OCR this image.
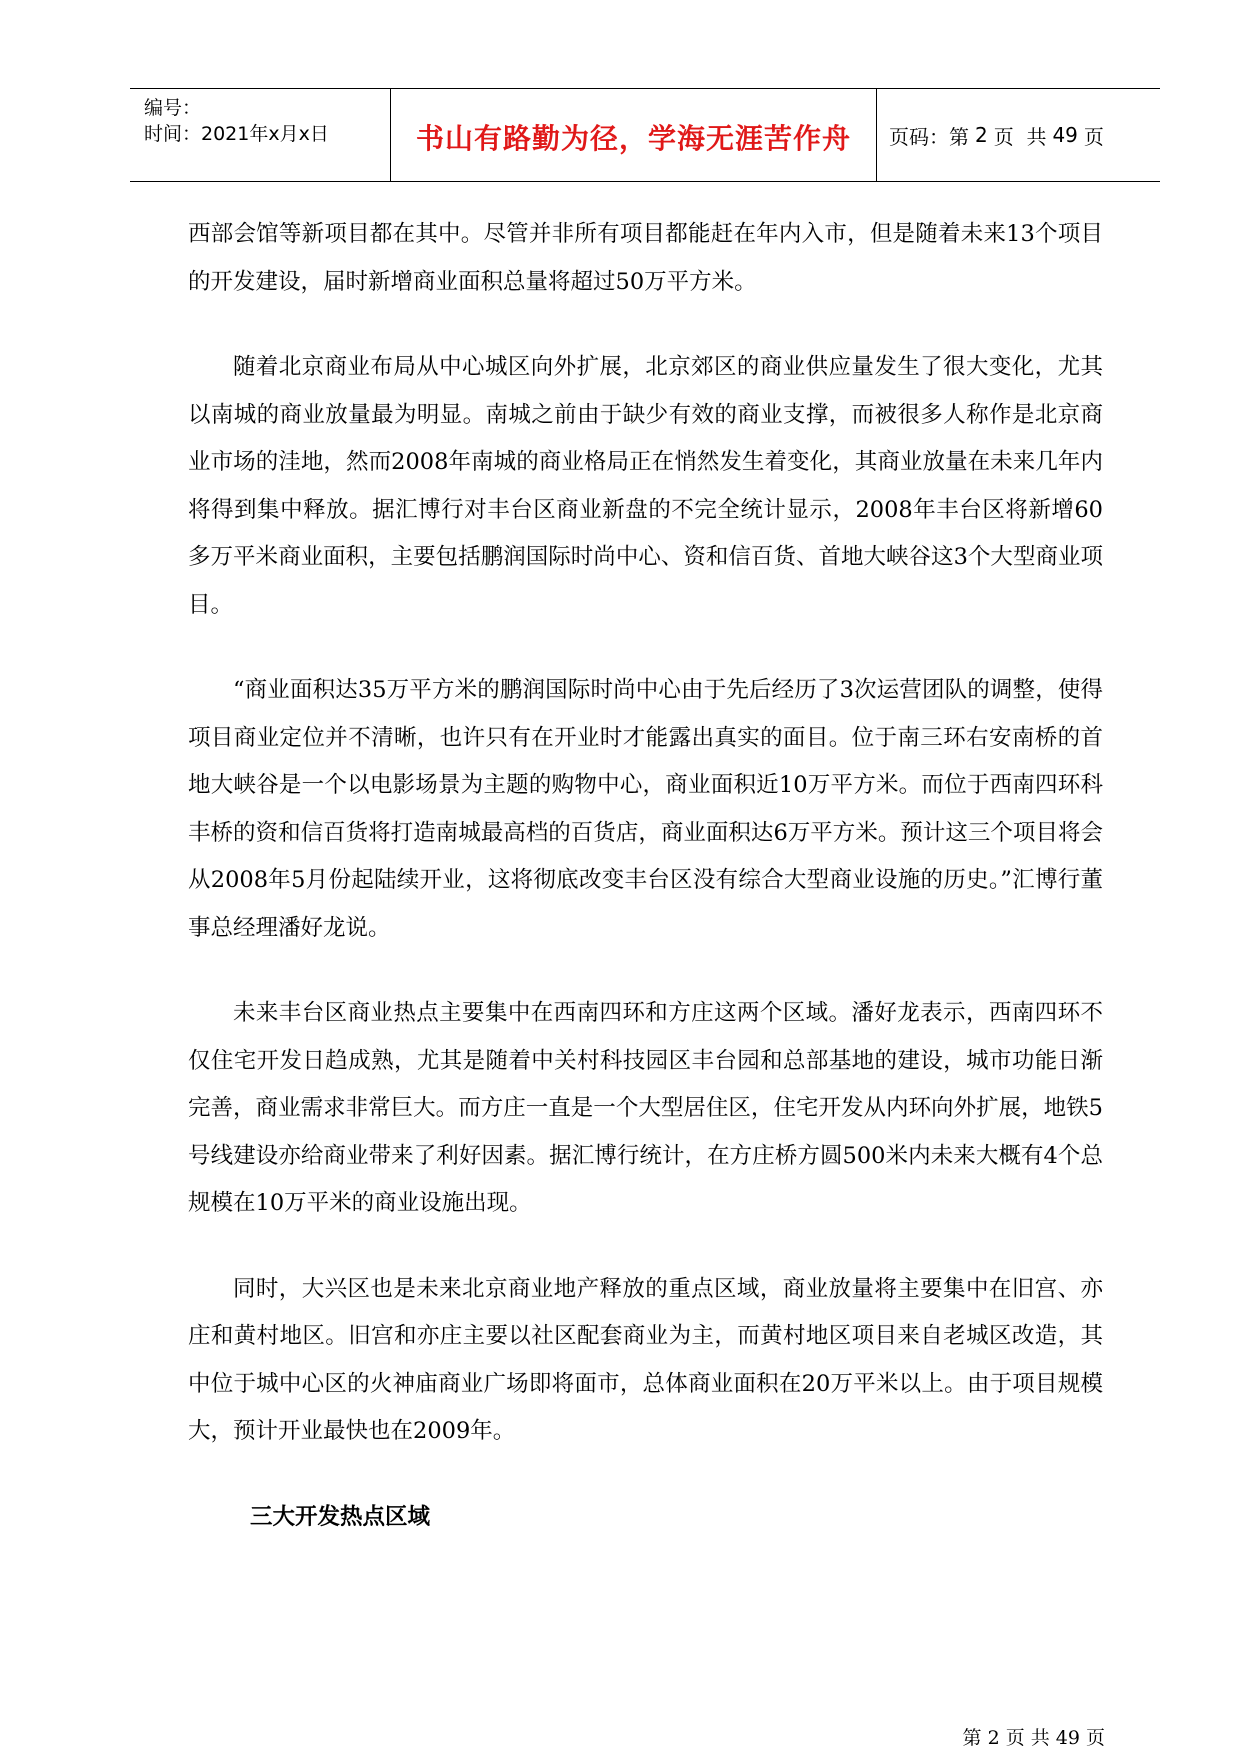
编号：
时间：2021年x月x日	书山有路勤为径，学海无涯苦作舟 页码：第 2 页  共 49 页

西部会馆等新项目都在其中。尽管并非所有项目都能赶在年内入市，但是随着未来13个项目的开发建设，届时新增商业面积总量将超过50万平方米。

随着北京商业布局从中心城区向外扩展，北京郊区的商业供应量发生了很大变化，尤其以南城的商业放量最为明显。南城之前由于缺少有效的商业支撑，而被很多人称作是北京商业市场的洼地，然而2008年南城的商业格局正在悄然发生着变化，其商业放量在未来几年内将得到集中释放。据汇博行对丰台区商业新盘的不完全统计显示，2008年丰台区将新增60多万平米商业面积，主要包括鹏润国际时尚中心、资和信百货、首地大峡谷这3个大型商业项目。

“商业面积达35万平方米的鹏润国际时尚中心由于先后经历了3次运营团队的调整，使得项目商业定位并不清晰，也许只有在开业时才能露出真实的面目。位于南三环右安南桥的首地大峡谷是一个以电影场景为主题的购物中心，商业面积近10万平方米。而位于西南四环科丰桥的资和信百货将打造南城最高档的百货店，商业面积达6万平方米。预计这三个项目将会从2008年5月份起陆续开业，这将彻底改变丰台区没有综合大型商业设施的历史。”汇博行董事总经理潘好龙说。

未来丰台区商业热点主要集中在西南四环和方庄这两个区域。潘好龙表示，西南四环不仅住宅开发日趋成熟，尤其是随着中关村科技园区丰台园和总部基地的建设，城市功能日渐完善，商业需求非常巨大。而方庄一直是一个大型居住区，住宅开发从内环向外扩展，地铁5号线建设亦给商业带来了利好因素。据汇博行统计，在方庄桥方圆500米内未来大概有4个总规模在10万平米的商业设施出现。

同时，大兴区也是未来北京商业地产释放的重点区域，商业放量将主要集中在旧宫、亦庄和黄村地区。旧宫和亦庄主要以社区配套商业为主，而黄村地区项目来自老城区改造，其中位于城中心区的火神庙商业广场即将面市，总体商业面积在20万平米以上。由于项目规模大，预计开业最快也在2009年。

三大开发热点区域
第 2 页 共 49 页
